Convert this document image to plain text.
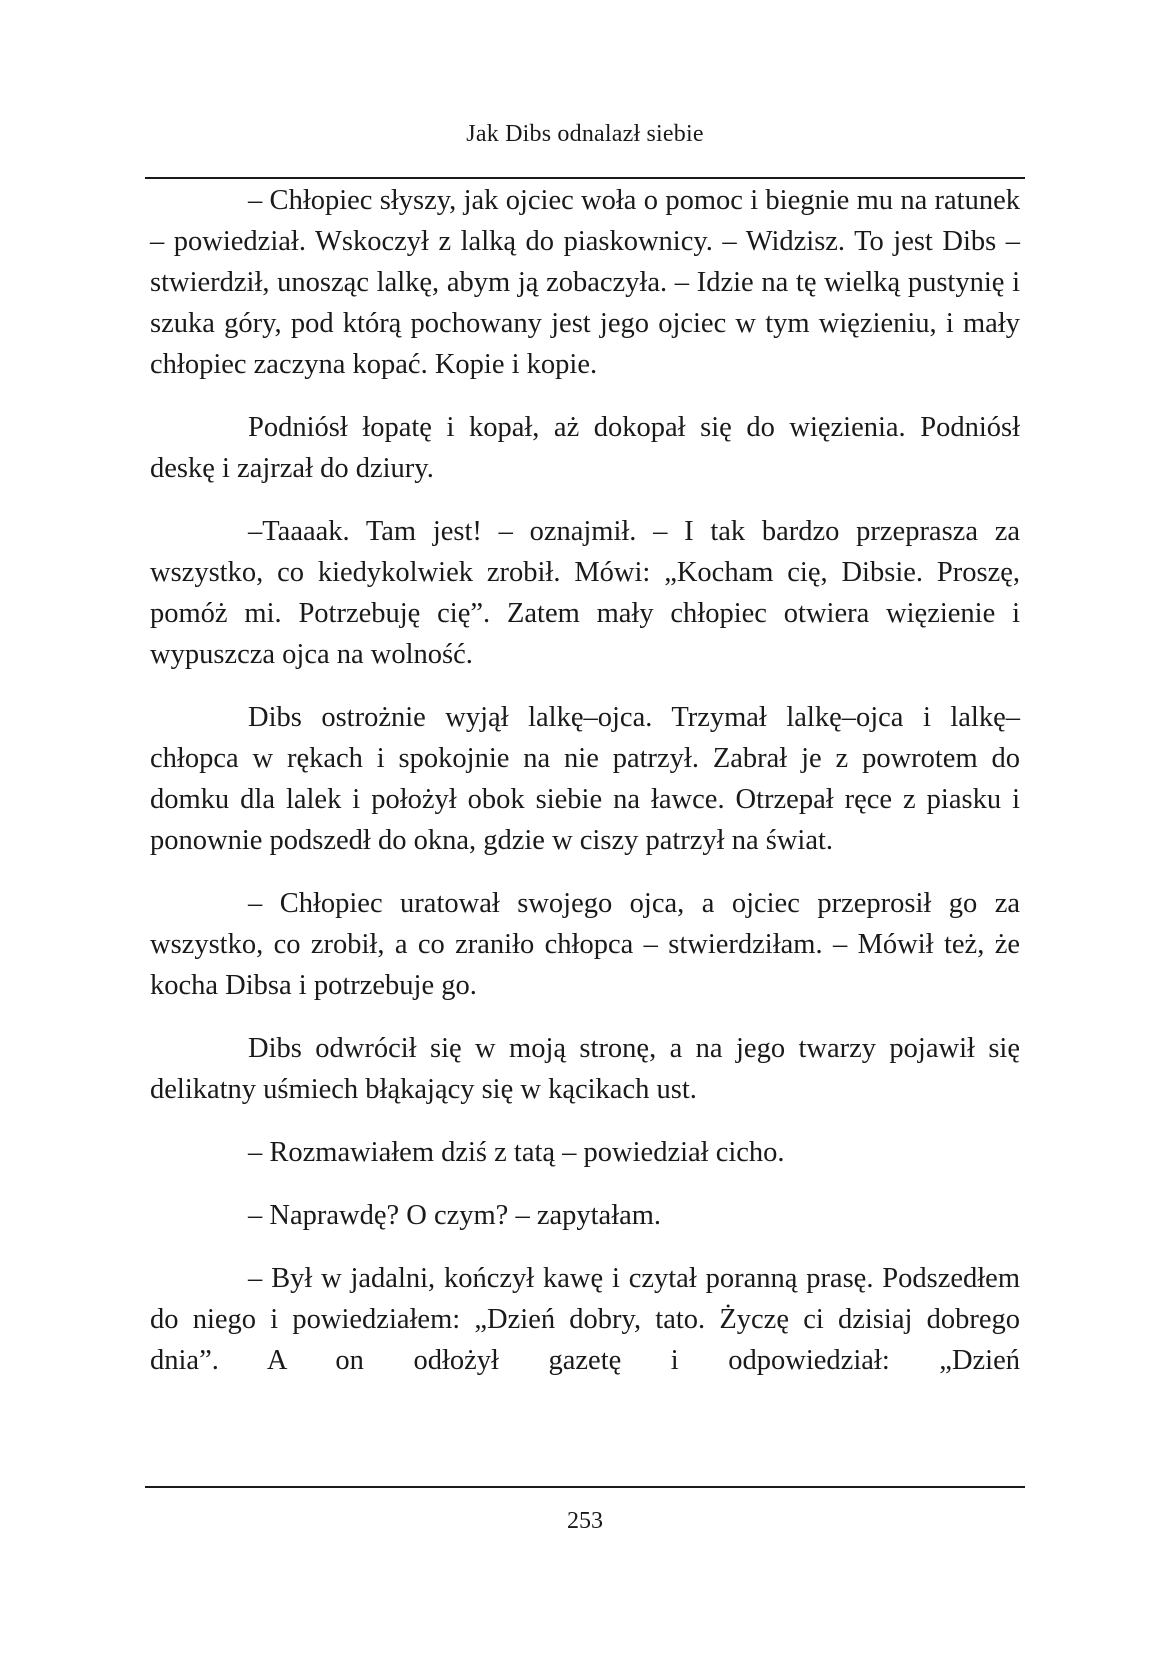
Jak Dibs odnalazł siebie

– Chłopiec słyszy, jak ojciec woła o pomoc i biegnie mu na ratunek – powiedział. Wskoczył z lalką do piaskownicy. – Widzisz. To jest Dibs – stwierdził, unosząc lalkę, abym ją zobaczyła. – Idzie na tę wielką pustynię i szuka góry, pod którą pochowany jest jego ojciec w tym więzieniu, i mały chłopiec zaczyna kopać. Kopie i kopie.

Podniósł łopatę i kopał, aż dokopał się do więzienia. Podniósł deskę i zajrzał do dziury.

–Taaaak. Tam jest! – oznajmił. – I tak bardzo przeprasza za wszystko, co kiedykolwiek zrobił. Mówi: „Kocham cię, Dibsie. Proszę, pomóż mi. Potrzebuję cię”. Zatem mały chłopiec otwiera więzienie i wypuszcza ojca na wolność.

Dibs ostrożnie wyjął lalkę–ojca. Trzymał lalkę–ojca i lalkę–chłopca w rękach i spokojnie na nie patrzył. Zabrał je z powrotem do domku dla lalek i położył obok siebie na ławce. Otrzepał ręce z piasku i ponownie podszedł do okna, gdzie w ciszy patrzył na świat.

– Chłopiec uratował swojego ojca, a ojciec przeprosił go za wszystko, co zrobił, a co zraniło chłopca – stwierdziłam. – Mówił też, że kocha Dibsa i potrzebuje go.

Dibs odwrócił się w moją stronę, a na jego twarzy pojawił się delikatny uśmiech błąkający się w kącikach ust.

– Rozmawiałem dziś z tatą – powiedział cicho.

– Naprawdę? O czym? – zapytałam.

– Był w jadalni, kończył kawę i czytał poranną prasę. Podszedłem do niego i powiedziałem: „Dzień dobry, tato. Życzę ci dzisiaj dobrego dnia”. A on odłożył gazetę i odpowiedział: „Dzień

253
